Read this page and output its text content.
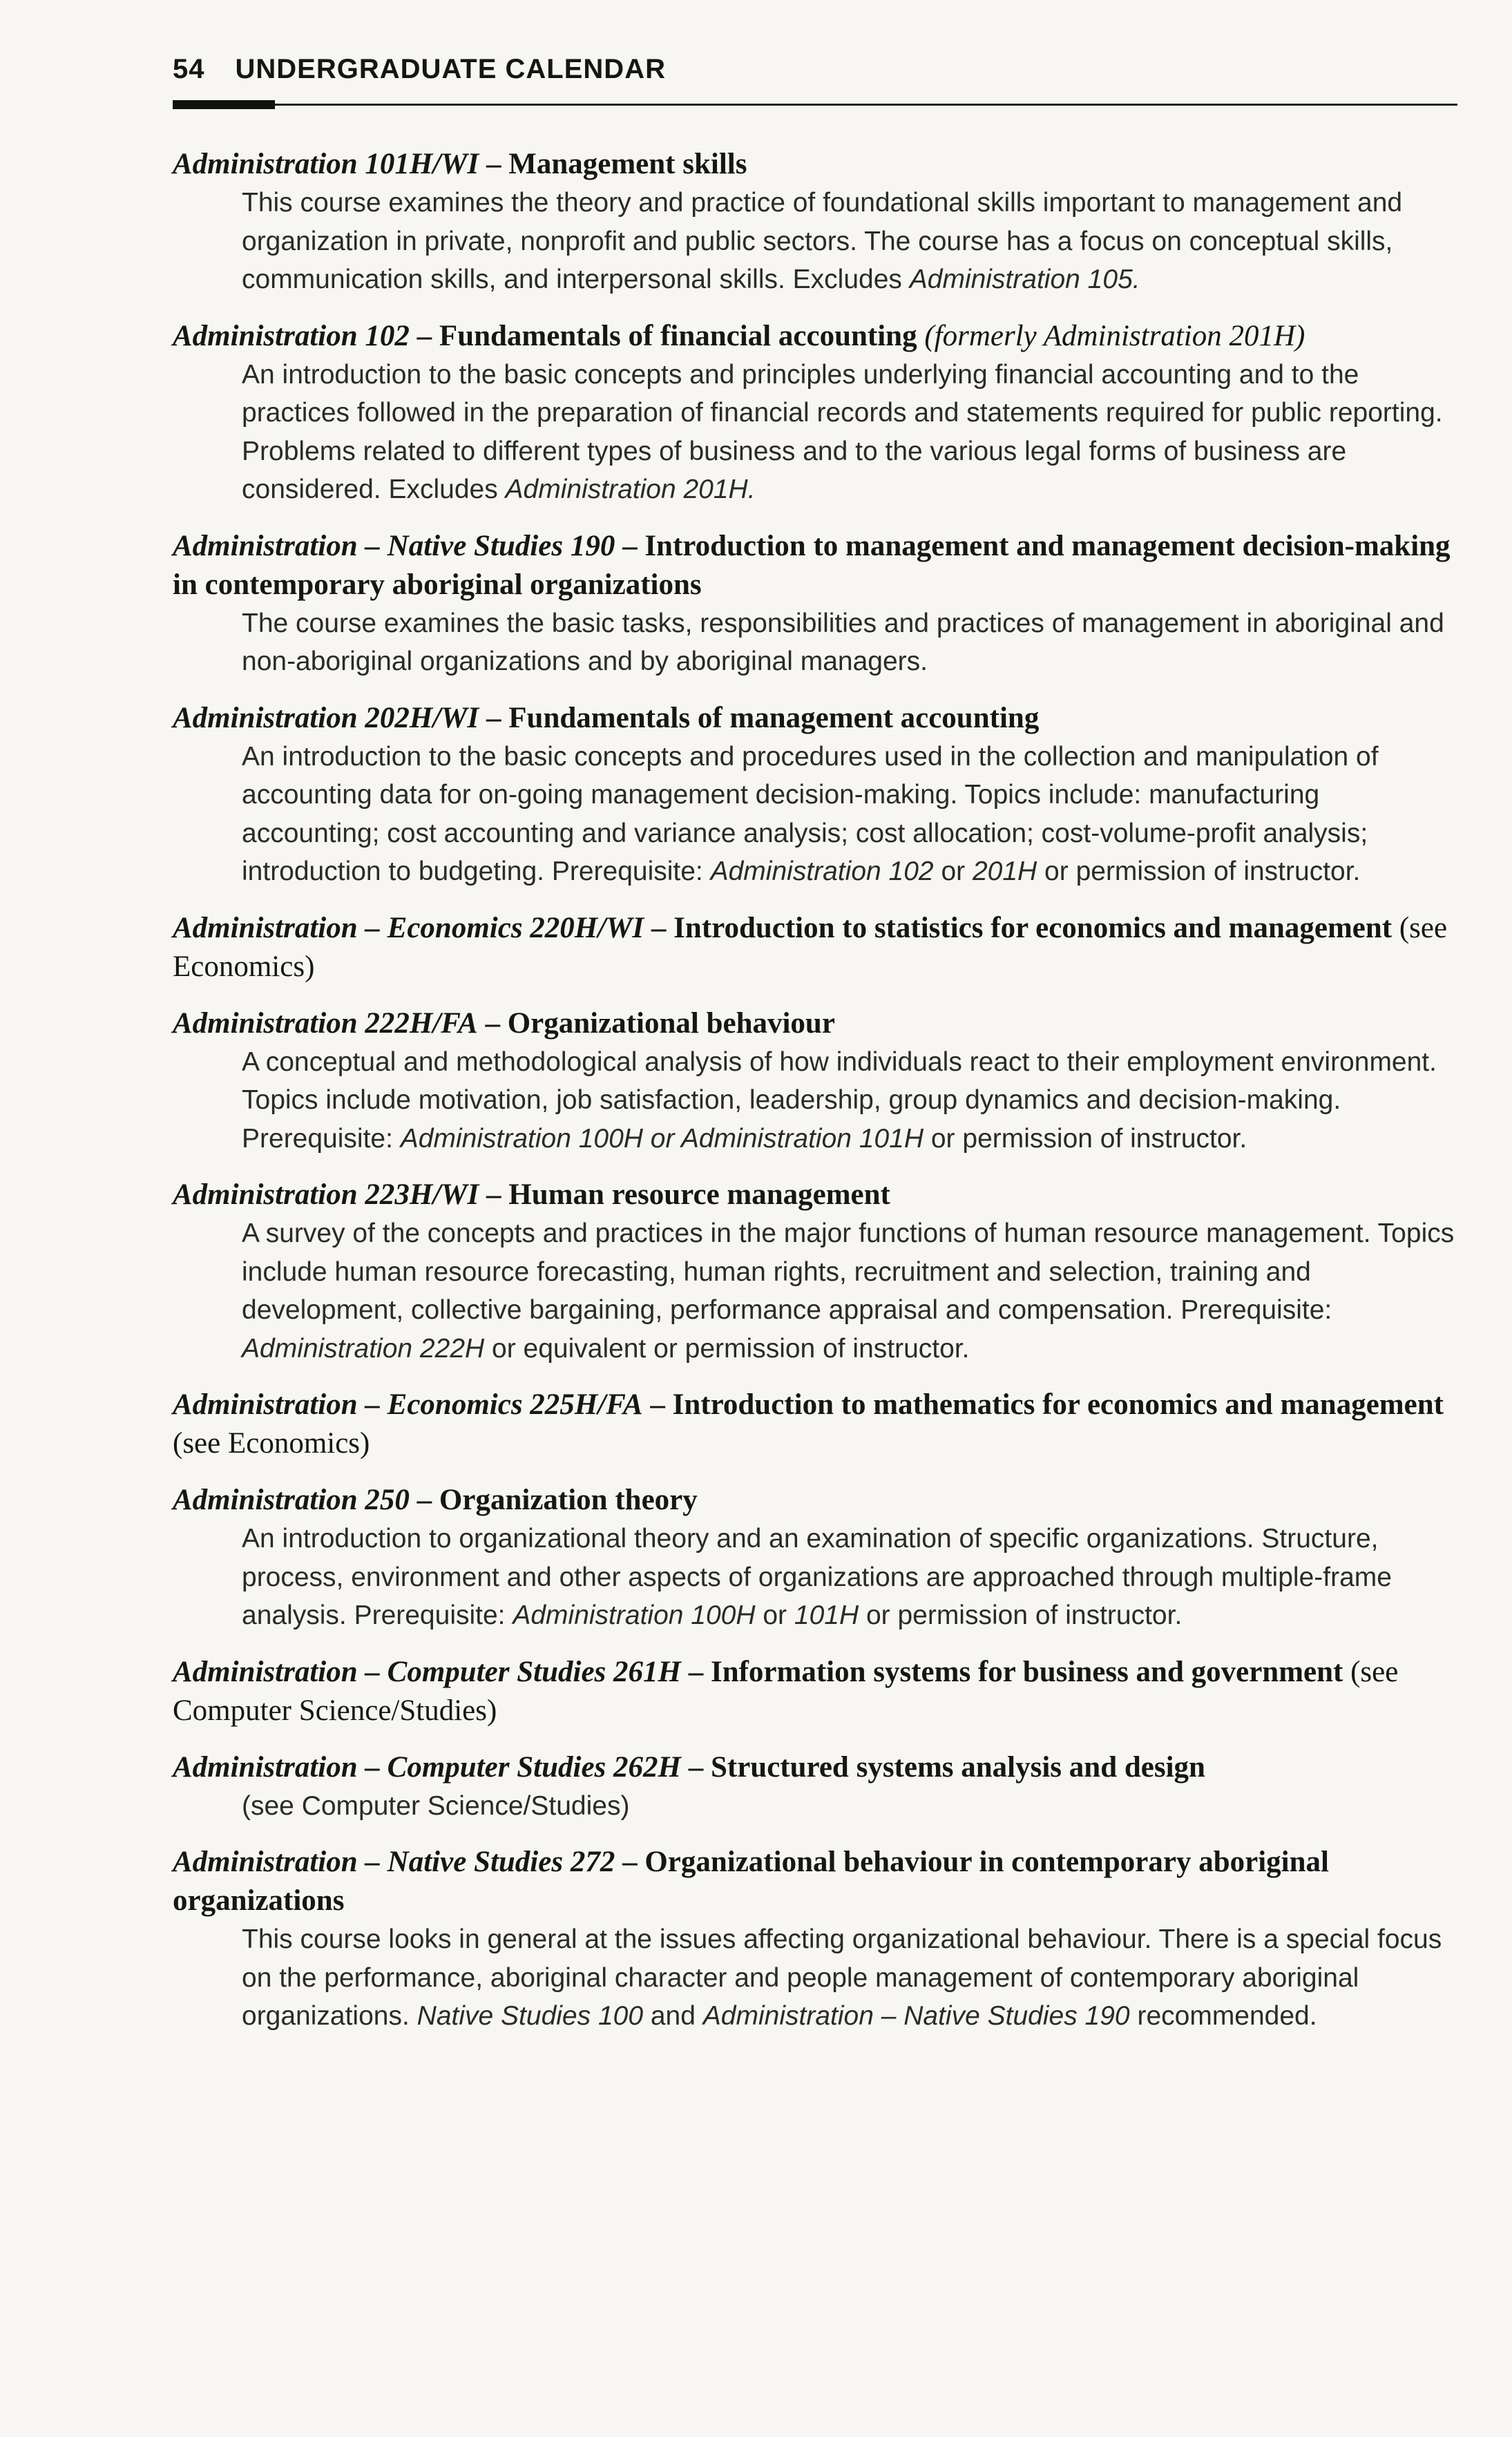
54 UNDERGRADUATE CALENDAR
Administration 101H/WI – Management skills
This course examines the theory and practice of foundational skills important to management and organization in private, nonprofit and public sectors. The course has a focus on conceptual skills, communication skills, and interpersonal skills. Excludes Administration 105.
Administration 102 – Fundamentals of financial accounting (formerly Administration 201H)
An introduction to the basic concepts and principles underlying financial accounting and to the practices followed in the preparation of financial records and statements required for public reporting. Problems related to different types of business and to the various legal forms of business are considered. Excludes Administration 201H.
Administration – Native Studies 190 – Introduction to management and management decision-making in contemporary aboriginal organizations
The course examines the basic tasks, responsibilities and practices of management in aboriginal and non-aboriginal organizations and by aboriginal managers.
Administration 202H/WI – Fundamentals of management accounting
An introduction to the basic concepts and procedures used in the collection and manipulation of accounting data for on-going management decision-making. Topics include: manufacturing accounting; cost accounting and variance analysis; cost allocation; cost-volume-profit analysis; introduction to budgeting. Prerequisite: Administration 102 or 201H or permission of instructor.
Administration – Economics 220H/WI – Introduction to statistics for economics and management (see Economics)
Administration 222H/FA – Organizational behaviour
A conceptual and methodological analysis of how individuals react to their employment environment. Topics include motivation, job satisfaction, leadership, group dynamics and decision-making. Prerequisite: Administration 100H or Administration 101H or permission of instructor.
Administration 223H/WI – Human resource management
A survey of the concepts and practices in the major functions of human resource management. Topics include human resource forecasting, human rights, recruitment and selection, training and development, collective bargaining, performance appraisal and compensation. Prerequisite: Administration 222H or equivalent or permission of instructor.
Administration – Economics 225H/FA – Introduction to mathematics for economics and management (see Economics)
Administration 250 – Organization theory
An introduction to organizational theory and an examination of specific organizations. Structure, process, environment and other aspects of organizations are approached through multiple-frame analysis. Prerequisite: Administration 100H or 101H or permission of instructor.
Administration – Computer Studies 261H – Information systems for business and government (see Computer Science/Studies)
Administration – Computer Studies 262H – Structured systems analysis and design
(see Computer Science/Studies)
Administration – Native Studies 272 – Organizational behaviour in contemporary aboriginal organizations
This course looks in general at the issues affecting organizational behaviour. There is a special focus on the performance, aboriginal character and people management of contemporary aboriginal organizations. Native Studies 100 and Administration – Native Studies 190 recommended.
